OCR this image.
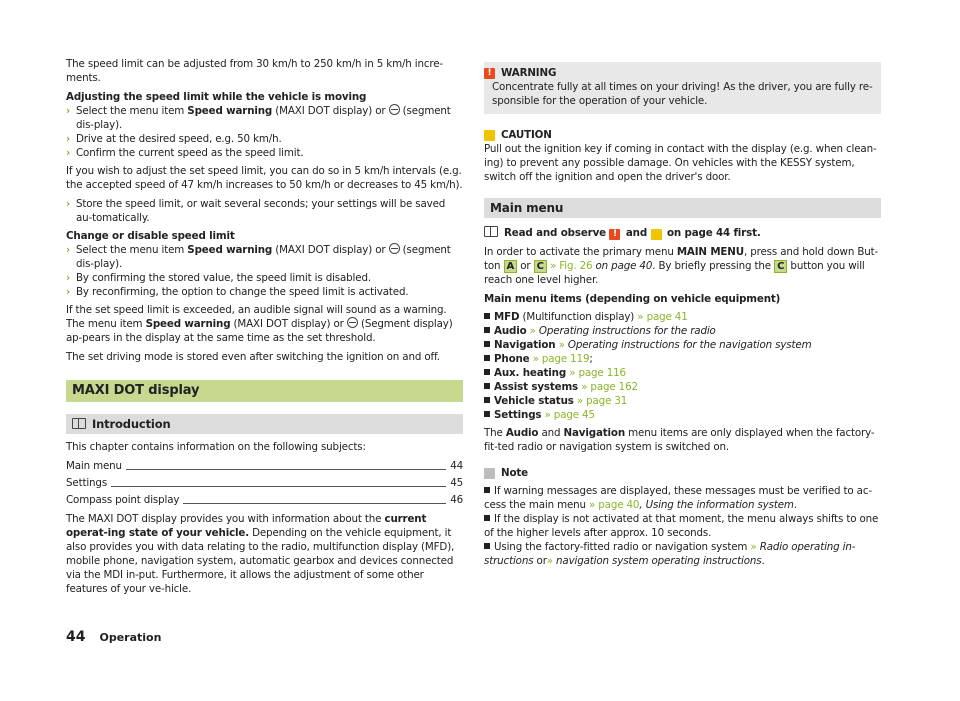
The speed limit can be adjusted from 30 km/h to 250 km/h in 5 km/h incre-ments.

Adjusting the speed limit while the vehicle is moving

› Select the menu item Speed warning (MAXI DOT display) or  (segment dis-play).
› Drive at the desired speed, e.g. 50 km/h.
› Confirm the current speed as the speed limit.

If you wish to adjust the set speed limit, you can do so in 5 km/h intervals (e.g. the accepted speed of 47 km/h increases to 50 km/h or decreases to 45 km/h).

› Store the speed limit, or wait several seconds; your settings will be saved au-tomatically.

Change or disable speed limit

› Select the menu item Speed warning (MAXI DOT display) or  (segment dis-play).
› By confirming the stored value, the speed limit is disabled.
› By reconfirming, the option to change the speed limit is activated.

If the set speed limit is exceeded, an audible signal will sound as a warning.
The menu item Speed warning (MAXI DOT display) or  (Segment display) ap-pears in the display at the same time as the set threshold.

The set driving mode is stored even after switching the ignition on and off.

MAXI DOT display
Introduction

This chapter contains information on the following subjects:

Main menu	44
Settings	45
Compass point display	46

The MAXI DOT display provides you with information about the current operat-ing state of your vehicle. Depending on the vehicle equipment, it also provides you with data relating to the radio, multifunction display (MFD), mobile phone, navigation system, automatic gearbox and devices connected via the MDI in-put. Furthermore, it allows the adjustment of some other features of your ve-hicle.

! WARNING

Concentrate fully at all times on your driving! As the driver, you are fully re-sponsible for the operation of your vehicle.

! CAUTION

Pull out the ignition key if coming in contact with the display (e.g. when clean-ing) to prevent any possible damage. On vehicles with the KESSY system, switch off the ignition and open the driver's door.

Main menu

Read and observe ! and ! on page 44 first.

In order to activate the primary menu MAIN MENU, press and hold down But-ton A or C » Fig. 26 on page 40. By briefly pressing the C button you will reach one level higher.

Main menu items (depending on vehicle equipment)

MFD (Multifunction display) » page 41
Audio » Operating instructions for the radio
Navigation » Operating instructions for the navigation system
Phone » page 119;
Aux. heating » page 116
Assist systems » page 162
Vehicle status » page 31
Settings » page 45

The Audio and Navigation menu items are only displayed when the factory-fit-ted radio or navigation system is switched on.

i Note

If warning messages are displayed, these messages must be verified to ac-cess the main menu » page 40, Using the information system.

If the display is not activated at that moment, the menu always shifts to one of the higher levels after approx. 10 seconds.

Using the factory-fitted radio or navigation system » Radio operating in-structions or» navigation system operating instructions.

44 Operation
